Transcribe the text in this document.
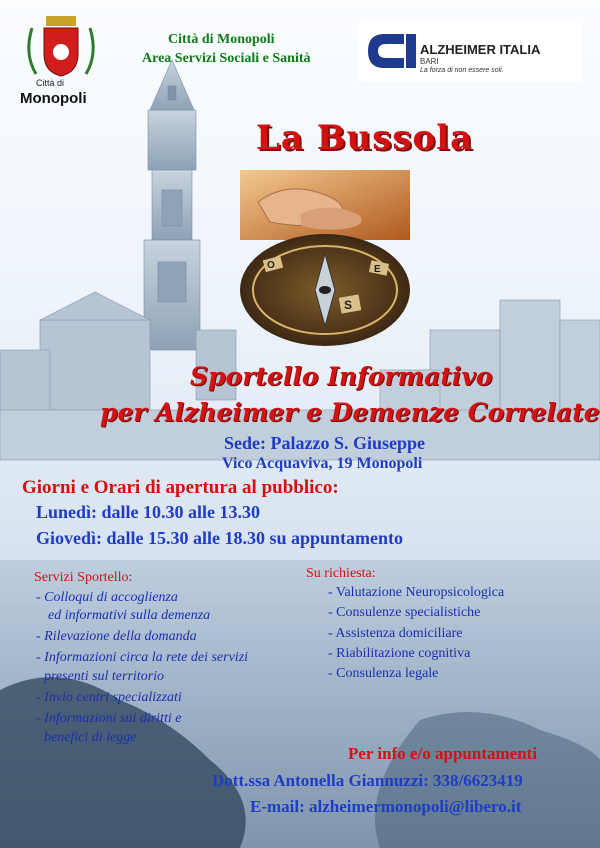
Città di
Monopoli
Città di Monopoli
Area Servizi Sociali e Sanità
ALZHEIMER ITALIA
BARI
La forza di non essere soli.
La Bussola
O	E
S
Sportello Informativo
per Alzheimer e Demenze Correlate
Sede: Palazzo S. Giuseppe
Vico Acquaviva, 19 Monopoli
Giorni e Orari di apertura al pubblico:
Lunedì: dalle 10.30 alle 13.30
Giovedì: dalle 15.30 alle 18.30 su appuntamento
Servizi Sportello:
- Colloqui di accoglienza
ed informativi sulla demenza
- Rilevazione della domanda
- Informazioni circa la rete dei servizi
presenti sul territorio
- Invio centri specializzati
- Informazioni sui diritti e
benefici di legge
Su richiesta:
- Valutazione Neuropsicologica
- Consulenze specialistiche
- Assistenza domiciliare
- Riabilitazione cognitiva
- Consulenza legale
Per info e/o appuntamenti
Dott.ssa Antonella Giannuzzi: 338/6623419
E-mail: alzheimermonopoli@libero.it
